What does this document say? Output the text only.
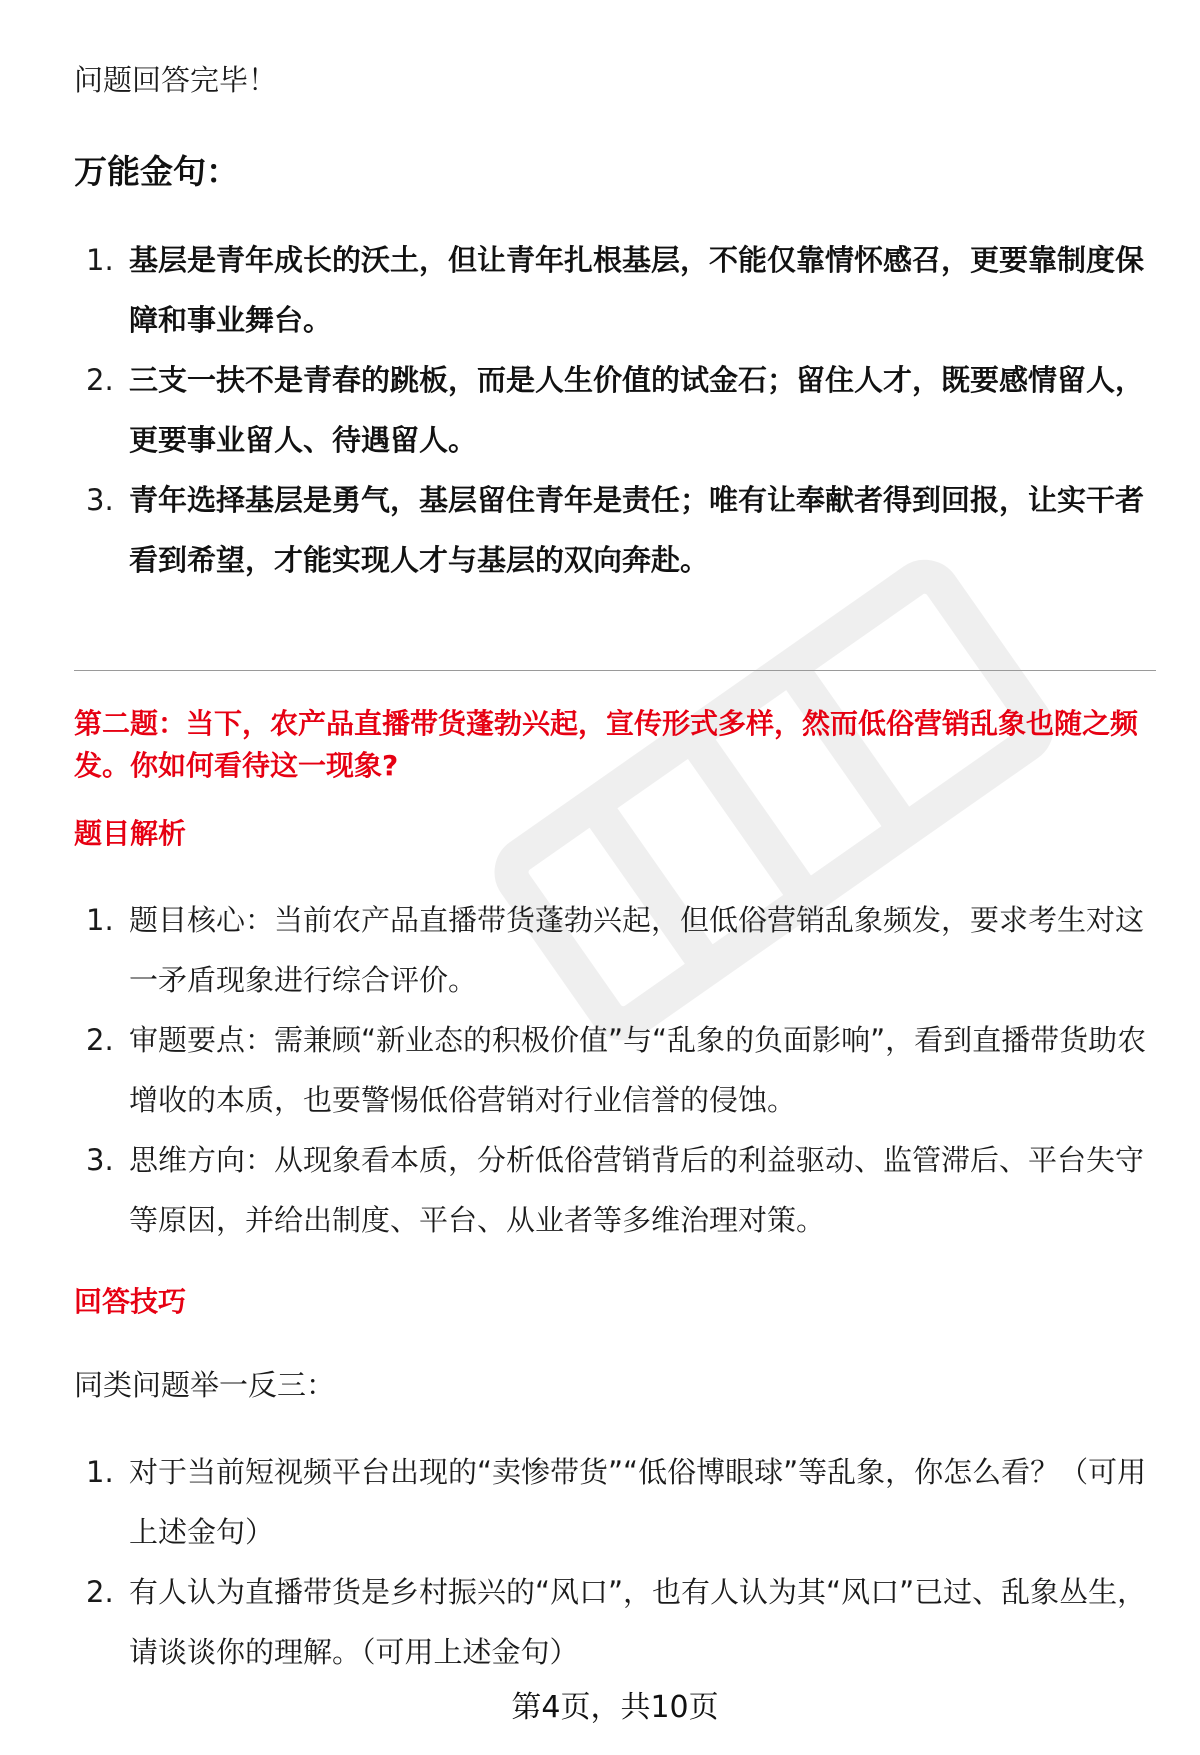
问题回答完毕！
万能金句：
1. 基层是青年成长的沃土，但让青年扎根基层，不能仅靠情怀感召，更要靠制度保障和事业舞台。
2. 三支一扶不是青春的跳板，而是人生价值的试金石；留住人才，既要感情留人，更要事业留人、待遇留人。
3. 青年选择基层是勇气，基层留住青年是责任；唯有让奉献者得到回报，让实干者看到希望，才能实现人才与基层的双向奔赴。
第二题：当下，农产品直播带货蓬勃兴起，宣传形式多样，然而低俗营销乱象也随之频发。你如何看待这一现象?
题目解析
1. 题目核心：当前农产品直播带货蓬勃兴起，但低俗营销乱象频发，要求考生对这一矛盾现象进行综合评价。
2. 审题要点：需兼顾“新业态的积极价值”与“乱象的负面影响”，看到直播带货助农增收的本质，也要警惕低俗营销对行业信誉的侵蚀。
3. 思维方向：从现象看本质，分析低俗营销背后的利益驱动、监管滞后、平台失守等原因，并给出制度、平台、从业者等多维治理对策。
回答技巧
同类问题举一反三：
1. 对于当前短视频平台出现的“卖惨带货”“低俗博眼球”等乱象，你怎么看？（可用上述金句）
2. 有人认为直播带货是乡村振兴的“风口”，也有人认为其“风口”已过、乱象丛生，请谈谈你的理解。（可用上述金句）
第4页，共10页
